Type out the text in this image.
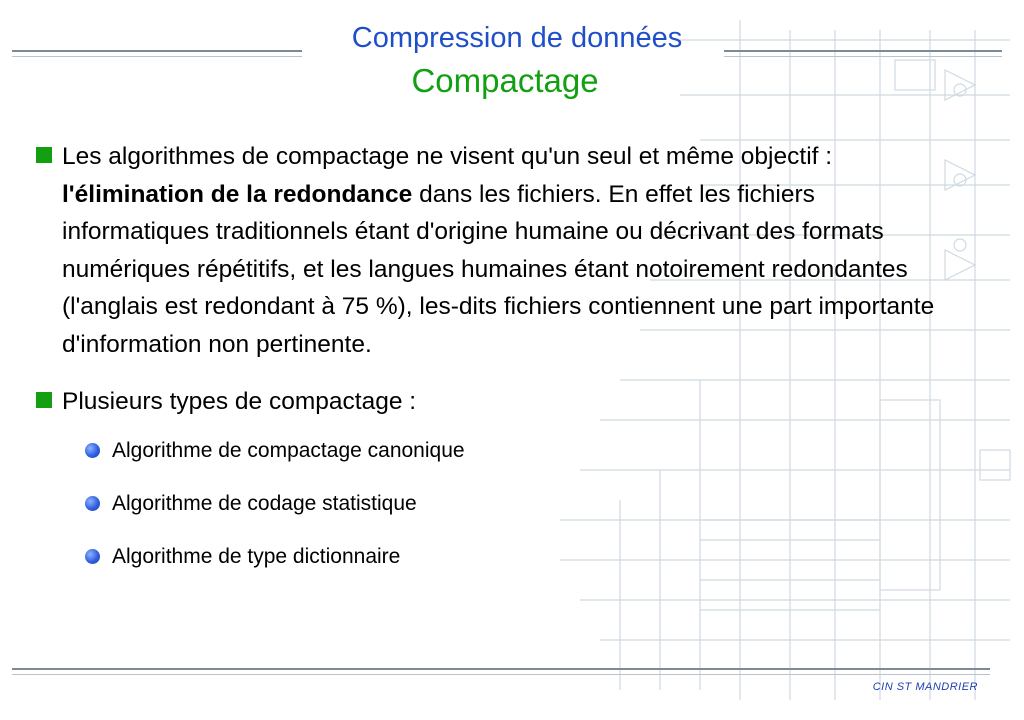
Compression de données
Compactage
Les algorithmes de compactage ne visent qu'un seul et même objectif : l'élimination de la redondance dans les fichiers. En effet les fichiers informatiques traditionnels étant d'origine humaine ou décrivant des formats numériques répétitifs, et les langues humaines étant notoirement redondantes (l'anglais est redondant à 75 %), les-dits fichiers contiennent une part importante d'information non pertinente.
Plusieurs types de compactage :
Algorithme de compactage canonique
Algorithme de codage statistique
Algorithme de type dictionnaire
CIN ST MANDRIER
